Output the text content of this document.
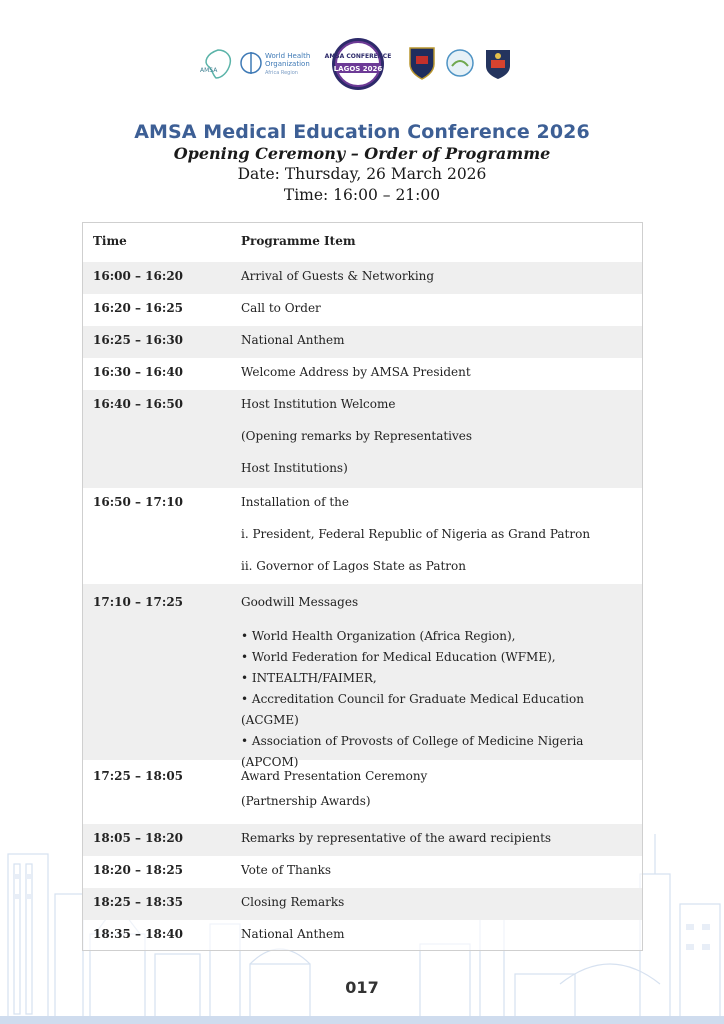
AMSA
World Health Organization
Africa Region
AMSA CONFERENCE
LAGOS 2026
AMSA Medical Education Conference 2026
Opening Ceremony – Order of Programme
Date: Thursday, 26 March 2026
Time: 16:00 – 21:00
Time	Programme Item
16:00 – 16:20	Arrival of Guests & Networking
16:20 – 16:25	Call to Order
16:25 – 16:30	National Anthem
16:30 – 16:40	Welcome Address by AMSA President
16:40 – 16:50	Host Institution Welcome
(Opening remarks by Representatives
Host Institutions)
16:50 – 17:10	Installation of the
i. President, Federal Republic of Nigeria as Grand Patron
ii. Governor of Lagos State as Patron
17:10 – 17:25	Goodwill Messages
• World Health Organization (Africa Region),
• World Federation for Medical Education (WFME),
• INTEALTH/FAIMER,
• Accreditation Council for Graduate Medical Education (ACGME)
• Association of Provosts of College of Medicine Nigeria (APCOM)
17:25 – 18:05	Award Presentation Ceremony
(Partnership Awards)
18:05 – 18:20	Remarks by representative of the award recipients
18:20 – 18:25	Vote of Thanks
18:25 – 18:35	Closing Remarks
18:35 – 18:40	National Anthem
017
